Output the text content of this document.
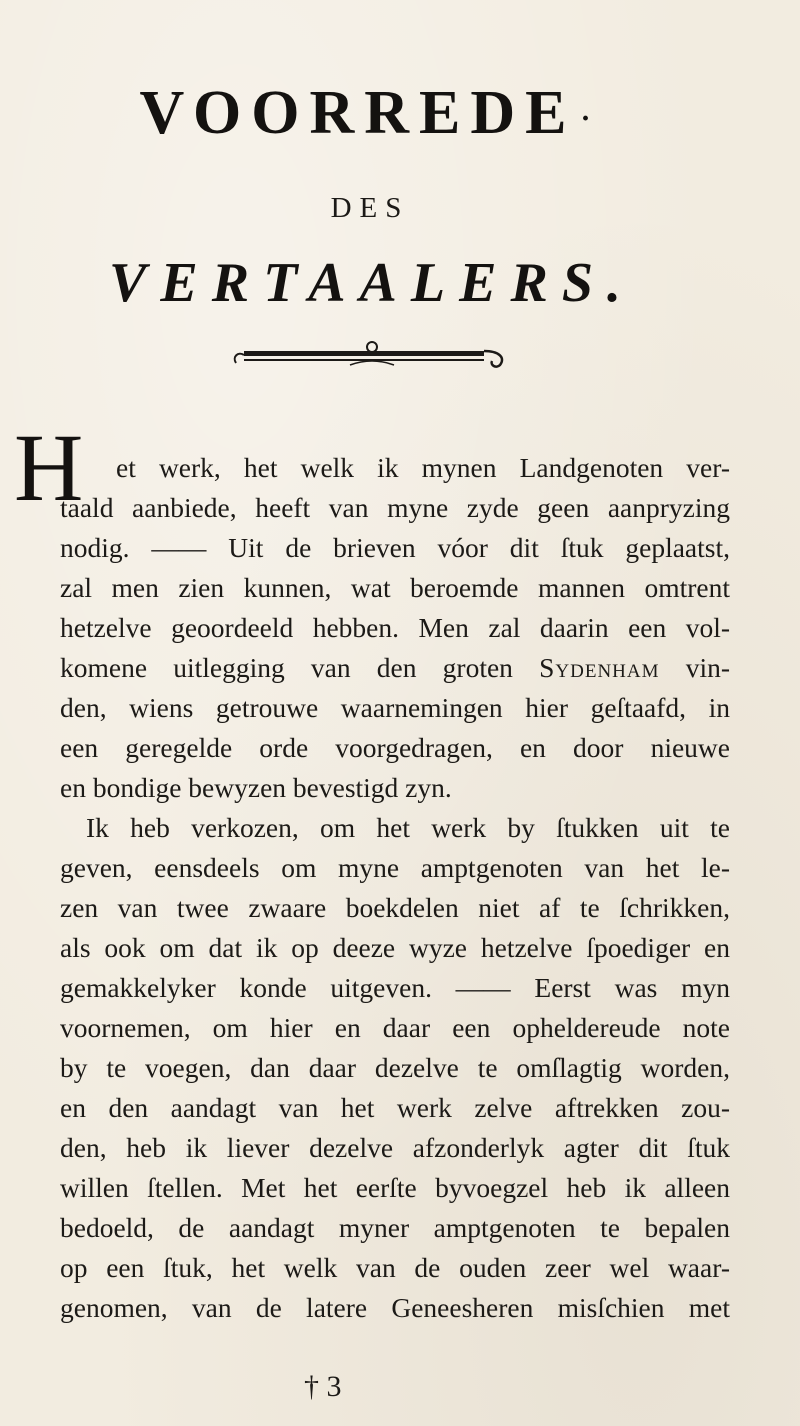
VOORREDE ·
DES
VERTAALERS.
H et werk, het welk ik mynen Landgenoten ver-
taald aanbiede, heeft van myne zyde geen aanpryzing
nodig. —— Uit de brieven vóor dit ſtuk geplaatst,
zal men zien kunnen, wat beroemde mannen omtrent
hetzelve geoordeeld hebben. Men zal daarin een vol-
komene uitlegging van den groten Sydenham vin-
den, wiens getrouwe waarnemingen hier geſtaafd, in
een geregelde orde voorgedragen, en door nieuwe
en bondige bewyzen bevestigd zyn.
Ik heb verkozen, om het werk by ſtukken uit te
geven, eensdeels om myne amptgenoten van het le-
zen van twee zwaare boekdelen niet af te ſchrikken,
als ook om dat ik op deeze wyze hetzelve ſpoediger en
gemakkelyker konde uitgeven. —— Eerst was myn
voornemen, om hier en daar een opheldereude note
by te voegen, dan daar dezelve te omſlagtig worden,
en den aandagt van het werk zelve aftrekken zou-
den, heb ik liever dezelve afzonderlyk agter dit ſtuk
willen ſtellen. Met het eerſte byvoegzel heb ik alleen
bedoeld, de aandagt myner amptgenoten te bepalen
op een ſtuk, het welk van de ouden zeer wel waar-
genomen, van de latere Geneesheren misſchien met
† 3
